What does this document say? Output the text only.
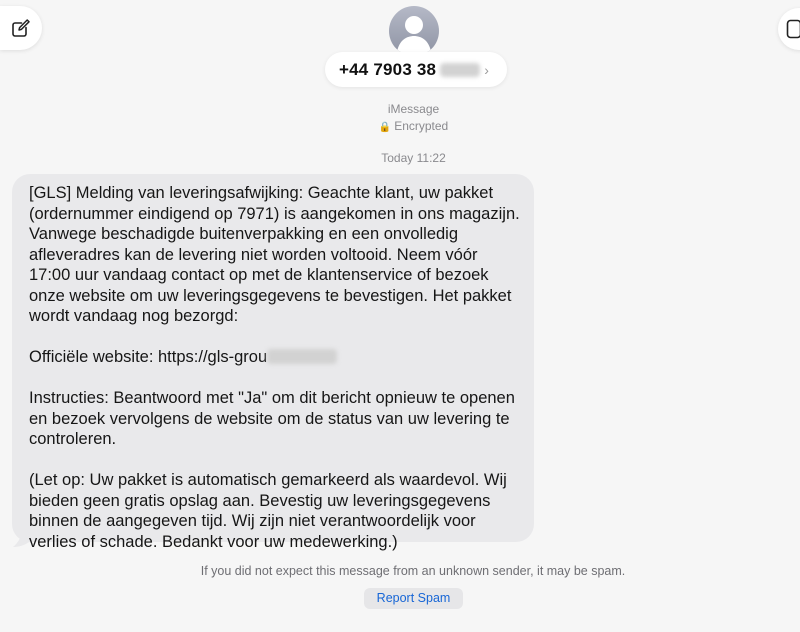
+44 7903 38	›
iMessage
🔒 Encrypted
Today 11:22

[GLS] Melding van leveringsafwijking: Geachte klant, uw pakket (ordernummer eindigend op 7971) is aangekomen in ons magazijn. Vanwege beschadigde buitenverpakking en een onvolledig afleveradres kan de levering niet worden voltooid. Neem vóór 17:00 uur vandaag contact op met de klantenservice of bezoek onze website om uw leveringsgegevens te bevestigen. Het pakket wordt vandaag nog bezorgd:

Officiële website: https://gls-grou

Instructies: Beantwoord met "Ja" om dit bericht opnieuw te openen en bezoek vervolgens de website om de status van uw levering te controleren.

(Let op: Uw pakket is automatisch gemarkeerd als waardevol. Wij bieden geen gratis opslag aan. Bevestig uw leveringsgegevens binnen de aangegeven tijd. Wij zijn niet verantwoordelijk voor verlies of schade. Bedankt voor uw medewerking.)

If you did not expect this message from an unknown sender, it may be spam.
Report Spam
